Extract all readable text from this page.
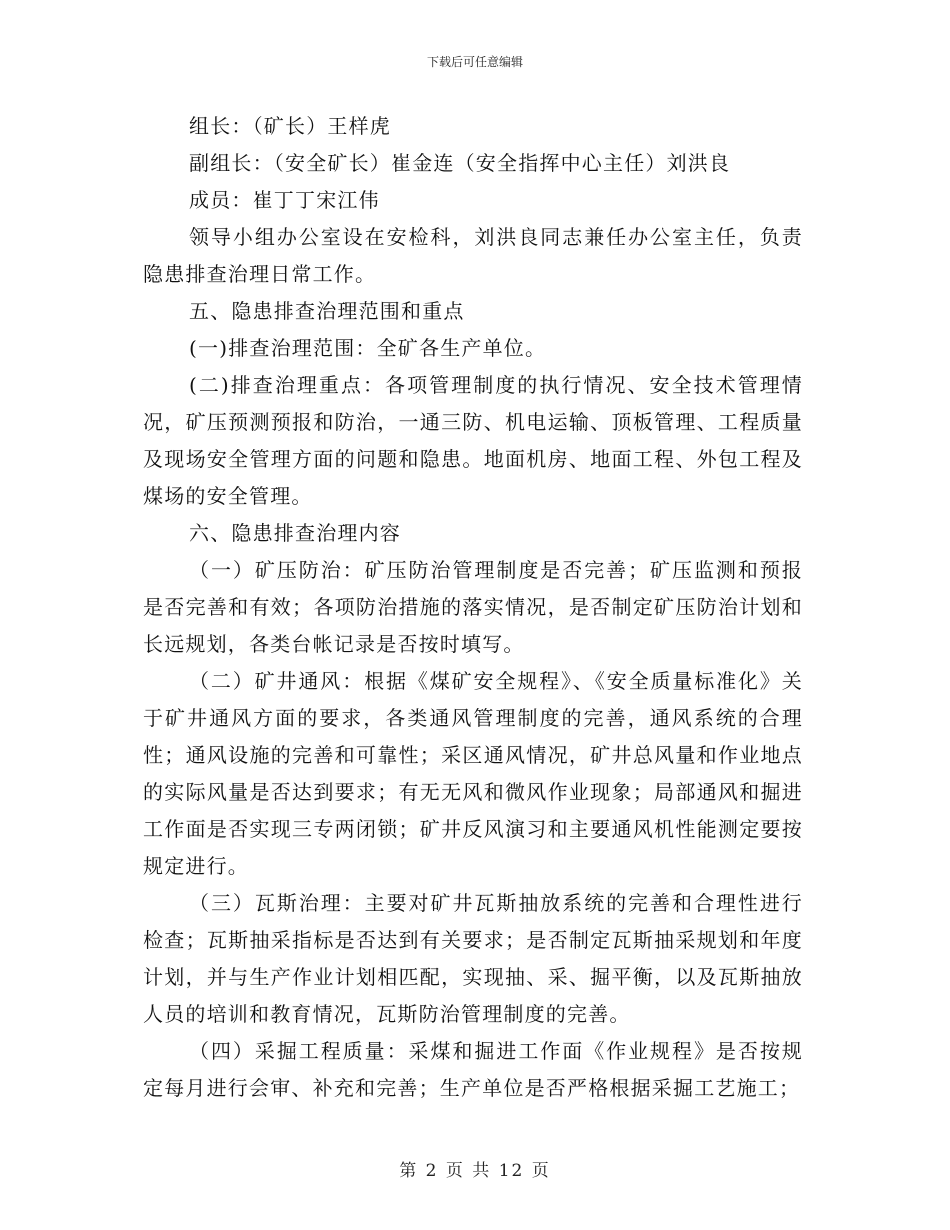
下载后可任意编辑

组长：（矿长）王样虎

副组长：（安全矿长）崔金连（安全指挥中心主任）刘洪良

成员：崔丁丁宋江伟

领导小组办公室设在安检科，刘洪良同志兼任办公室主任，负责隐患排查治理日常工作。

五、隐患排查治理范围和重点

(一)排查治理范围：全矿各生产单位。

(二)排查治理重点：各项管理制度的执行情况、安全技术管理情况，矿压预测预报和防治，一通三防、机电运输、顶板管理、工程质量及现场安全管理方面的问题和隐患。地面机房、地面工程、外包工程及煤场的安全管理。

六、隐患排查治理内容

（一）矿压防治：矿压防治管理制度是否完善；矿压监测和预报是否完善和有效；各项防治措施的落实情况，是否制定矿压防治计划和长远规划，各类台帐记录是否按时填写。

（二）矿井通风：根据《煤矿安全规程》、《安全质量标准化》关于矿井通风方面的要求，各类通风管理制度的完善，通风系统的合理性；通风设施的完善和可靠性；采区通风情况，矿井总风量和作业地点的实际风量是否达到要求；有无无风和微风作业现象；局部通风和掘进工作面是否实现三专两闭锁；矿井反风演习和主要通风机性能测定要按规定进行。

（三）瓦斯治理：主要对矿井瓦斯抽放系统的完善和合理性进行检查；瓦斯抽采指标是否达到有关要求；是否制定瓦斯抽采规划和年度计划，并与生产作业计划相匹配，实现抽、采、掘平衡，以及瓦斯抽放人员的培训和教育情况，瓦斯防治管理制度的完善。

（四）采掘工程质量：采煤和掘进工作面《作业规程》是否按规定每月进行会审、补充和完善；生产单位是否严格根据采掘工艺施工；

第 2 页 共 12 页
